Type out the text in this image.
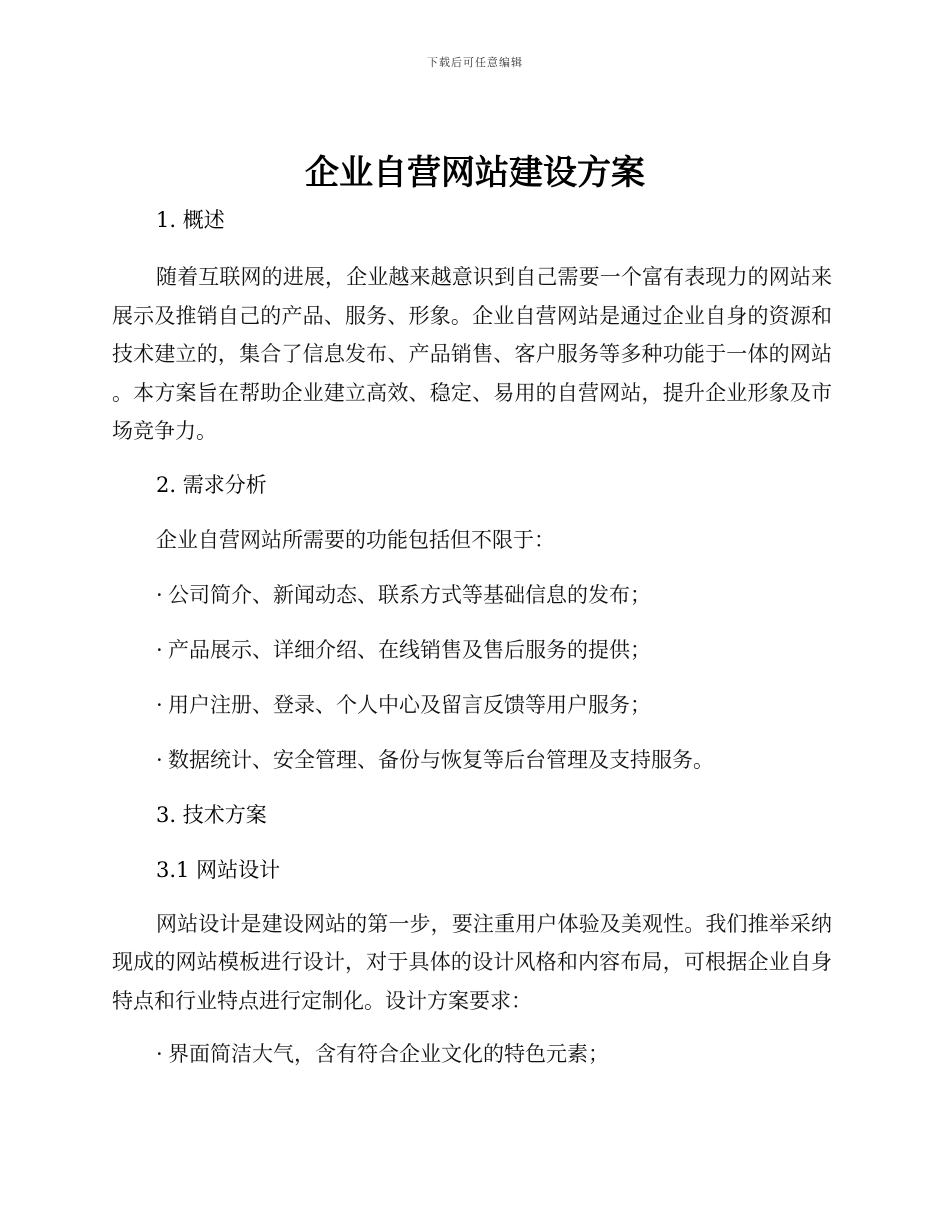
下载后可任意编辑
企业自营网站建设方案
1. 概述

随着互联网的进展，企业越来越意识到自己需要一个富有表现力的网站来展示及推销自己的产品、服务、形象。企业自营网站是通过企业自身的资源和技术建立的，集合了信息发布、产品销售、客户服务等多种功能于一体的网站。本方案旨在帮助企业建立高效、稳定、易用的自营网站，提升企业形象及市场竞争力。

2. 需求分析
企业自营网站所需要的功能包括但不限于：
· 公司简介、新闻动态、联系方式等基础信息的发布；
· 产品展示、详细介绍、在线销售及售后服务的提供；
· 用户注册、登录、个人中心及留言反馈等用户服务；
· 数据统计、安全管理、备份与恢复等后台管理及支持服务。
3. 技术方案
3.1 网站设计

网站设计是建设网站的第一步，要注重用户体验及美观性。我们推举采纳现成的网站模板进行设计，对于具体的设计风格和内容布局，可根据企业自身特点和行业特点进行定制化。设计方案要求：

· 界面简洁大气，含有符合企业文化的特色元素；
